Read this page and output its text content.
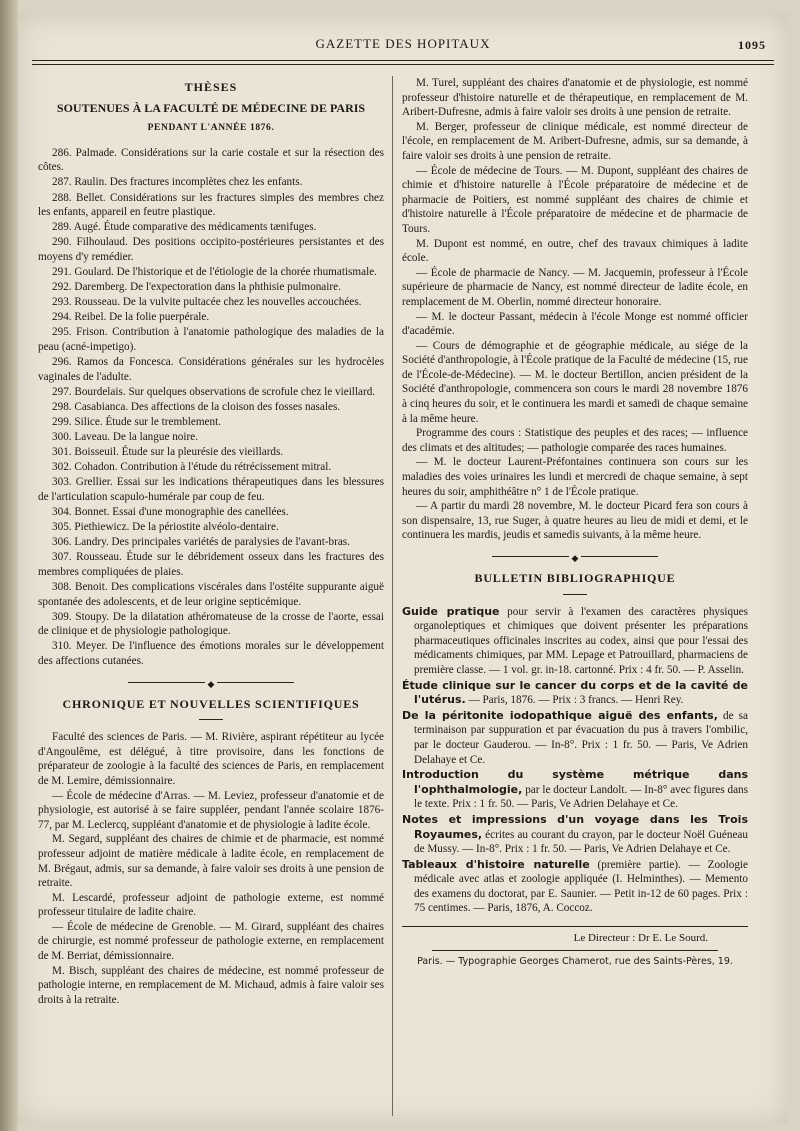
GAZETTE DES HOPITAUX	1095
THÈSES
SOUTENUES À LA FACULTÉ DE MÉDECINE DE PARIS
PENDANT L'ANNÉE 1876.

286. Palmade. Considérations sur la carie costale et sur la résection des côtes.

287. Raulin. Des fractures incomplètes chez les enfants.

288. Bellet. Considérations sur les fractures simples des membres chez les enfants, appareil en feutre plastique.

289. Augé. Étude comparative des médicaments tænifuges.

290. Filhoulaud. Des positions occipito-postérieures persistantes et des moyens d'y remédier.

291. Goulard. De l'historique et de l'étiologie de la chorée rhumatismale.

292. Daremberg. De l'expectoration dans la phthisie pulmonaire.

293. Rousseau. De la vulvite pultacée chez les nouvelles accouchées.

294. Reibel. De la folie puerpérale.

295. Frison. Contribution à l'anatomie pathologique des maladies de la peau (acné-impetigo).

296. Ramos da Foncesca. Considérations générales sur les hydrocèles vaginales de l'adulte.

297. Bourdelais. Sur quelques observations de scrofule chez le vieillard.

298. Casabianca. Des affections de la cloison des fosses nasales.

299. Silice. Étude sur le tremblement.

300. Laveau. De la langue noire.

301. Boisseuil. Étude sur la pleurésie des vieillards.

302. Cohadon. Contribution à l'étude du rétrécissement mitral.

303. Grellier. Essai sur les indications thérapeutiques dans les blessures de l'articulation scapulo-humérale par coup de feu.

304. Bonnet. Essai d'une monographie des canellées.

305. Piethiewicz. De la périostite alvéolo-dentaire.

306. Landry. Des principales variétés de paralysies de l'avant-bras.

307. Rousseau. Étude sur le débridement osseux dans les fractures des membres compliquées de plaies.

308. Benoit. Des complications viscérales dans l'ostéite suppurante aiguë spontanée des adolescents, et de leur origine septicémique.

309. Stoupy. De la dilatation athéromateuse de la crosse de l'aorte, essai de clinique et de physiologie pathologique.

310. Meyer. De l'influence des émotions morales sur le développement des affections cutanées.

◆
CHRONIQUE ET NOUVELLES SCIENTIFIQUES

Faculté des sciences de Paris. — M. Rivière, aspirant répétiteur au lycée d'Angoulême, est délégué, à titre provisoire, dans les fonctions de préparateur de zoologie à la faculté des sciences de Paris, en remplacement de M. Lemire, démissionnaire.

— École de médecine d'Arras. — M. Leviez, professeur d'anatomie et de physiologie, est autorisé à se faire suppléer, pendant l'année scolaire 1876-77, par M. Leclercq, suppléant d'anatomie et de physiologie à ladite école.

M. Segard, suppléant des chaires de chimie et de pharmacie, est nommé professeur adjoint de matière médicale à ladite école, en remplacement de M. Brégaut, admis, sur sa demande, à faire valoir ses droits à une pension de retraite.

M. Lescardé, professeur adjoint de pathologie externe, est nommé professeur titulaire de ladite chaire.

— École de médecine de Grenoble. — M. Girard, suppléant des chaires de chirurgie, est nommé professeur de pathologie externe, en remplacement de M. Berriat, démissionnaire.

M. Bisch, suppléant des chaires de médecine, est nommé professeur de pathologie interne, en remplacement de M. Michaud, admis à faire valoir ses droits à la retraite.

M. Turel, suppléant des chaires d'anatomie et de physiologie, est nommé professeur d'histoire naturelle et de thérapeutique, en remplacement de M. Aribert-Dufresne, admis à faire valoir ses droits à une pension de retraite.

M. Berger, professeur de clinique médicale, est nommé directeur de l'école, en remplacement de M. Aribert-Dufresne, admis, sur sa demande, à faire valoir ses droits à une pension de retraite.

— École de médecine de Tours. — M. Dupont, suppléant des chaires de chimie et d'histoire naturelle à l'École préparatoire de médecine et de pharmacie de Poitiers, est nommé suppléant des chaires de chimie et d'histoire naturelle à l'École préparatoire de médecine et de pharmacie de Tours.

M. Dupont est nommé, en outre, chef des travaux chimiques à ladite école.

— École de pharmacie de Nancy. — M. Jacquemin, professeur à l'École supérieure de pharmacie de Nancy, est nommé directeur de ladite école, en remplacement de M. Oberlin, nommé directeur honoraire.

— M. le docteur Passant, médecin à l'école Monge est nommé officier d'académie.

— Cours de démographie et de géographie médicale, au siége de la Société d'anthropologie, à l'École pratique de la Faculté de médecine (15, rue de l'École-de-Médecine). — M. le docteur Bertillon, ancien président de la Société d'anthropologie, commencera son cours le mardi 28 novembre 1876 à cinq heures du soir, et le continuera les mardi et samedi de chaque semaine à la même heure.

Programme des cours : Statistique des peuples et des races; — influence des climats et des altitudes; — pathologie comparée des races humaines.

— M. le docteur Laurent-Préfontaines continuera son cours sur les maladies des voies urinaires les lundi et mercredi de chaque semaine, à sept heures du soir, amphithéâtre n° 1 de l'École pratique.

— A partir du mardi 28 novembre, M. le docteur Picard fera son cours à son dispensaire, 13, rue Suger, à quatre heures au lieu de midi et demi, et le continuera les mardis, jeudis et samedis suivants, à la même heure.

◆
BULLETIN BIBLIOGRAPHIQUE

Guide pratique pour servir à l'examen des caractères physiques organoleptiques et chimiques que doivent présenter les préparations pharmaceutiques officinales inscrites au codex, ainsi que pour l'essai des médicaments chimiques, par MM. Lepage et Patrouillard, pharmaciens de première classe. — 1 vol. gr. in-18. cartonné. Prix : 4 fr. 50. — P. Asselin.

Étude clinique sur le cancer du corps et de la cavité de l'utérus. — Paris, 1876. — Prix : 3 francs. — Henri Rey.

De la péritonite iodopathique aiguë des enfants, de sa terminaison par suppuration et par évacuation du pus à travers l'ombilic, par le docteur Gauderou. — In-8°. Prix : 1 fr. 50. — Paris, Ve Adrien Delahaye et Ce.

Introduction du système métrique dans l'ophthalmologie, par le docteur Landolt. — In-8° avec figures dans le texte. Prix : 1 fr. 50. — Paris, Ve Adrien Delahaye et Ce.

Notes et impressions d'un voyage dans les Trois Royaumes, écrites au courant du crayon, par le docteur Noël Guéneau de Mussy. — In-8°. Prix : 1 fr. 50. — Paris, Ve Adrien Delahaye et Ce.

Tableaux d'histoire naturelle (première partie). — Zoologie médicale avec atlas et zoologie appliquée (I. Helminthes). — Memento des examens du doctorat, par E. Saunier. — Petit in-12 de 60 pages. Prix : 75 centimes. — Paris, 1876, A. Coccoz.

Le Directeur : Dr E. Le Sourd.
Paris. — Typographie Georges Chamerot, rue des Saints-Pères, 19.
